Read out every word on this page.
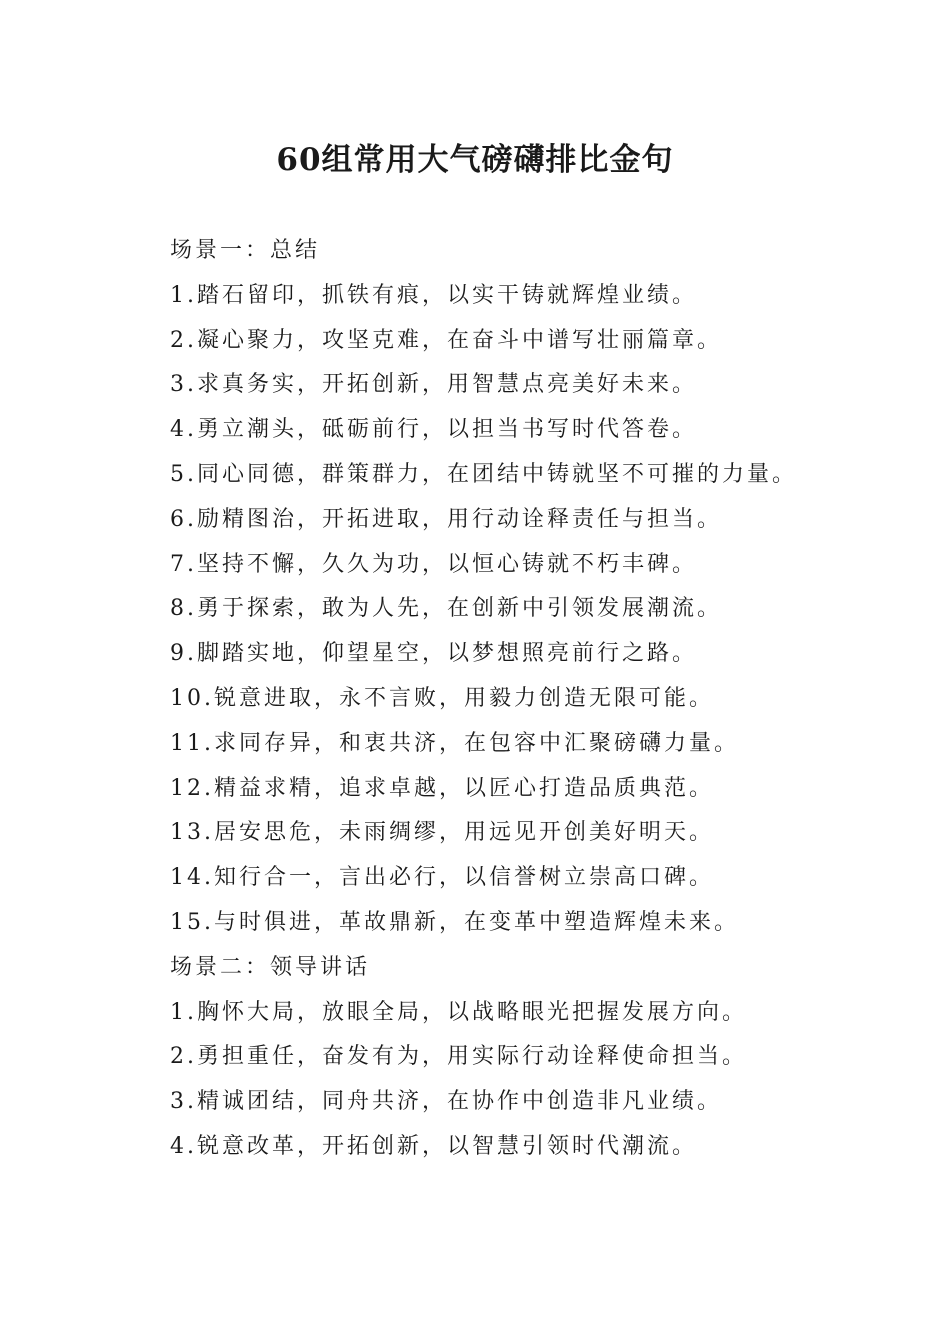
60组常用大气磅礴排比金句
场景一：总结
1.踏石留印，抓铁有痕，以实干铸就辉煌业绩。
2.凝心聚力，攻坚克难，在奋斗中谱写壮丽篇章。
3.求真务实，开拓创新，用智慧点亮美好未来。
4.勇立潮头，砥砺前行，以担当书写时代答卷。
5.同心同德，群策群力，在团结中铸就坚不可摧的力量。
6.励精图治，开拓进取，用行动诠释责任与担当。
7.坚持不懈，久久为功，以恒心铸就不朽丰碑。
8.勇于探索，敢为人先，在创新中引领发展潮流。
9.脚踏实地，仰望星空，以梦想照亮前行之路。
10.锐意进取，永不言败，用毅力创造无限可能。
11.求同存异，和衷共济，在包容中汇聚磅礴力量。
12.精益求精，追求卓越，以匠心打造品质典范。
13.居安思危，未雨绸缪，用远见开创美好明天。
14.知行合一，言出必行，以信誉树立崇高口碑。
15.与时俱进，革故鼎新，在变革中塑造辉煌未来。
场景二：领导讲话
1.胸怀大局，放眼全局，以战略眼光把握发展方向。
2.勇担重任，奋发有为，用实际行动诠释使命担当。
3.精诚团结，同舟共济，在协作中创造非凡业绩。
4.锐意改革，开拓创新，以智慧引领时代潮流。
